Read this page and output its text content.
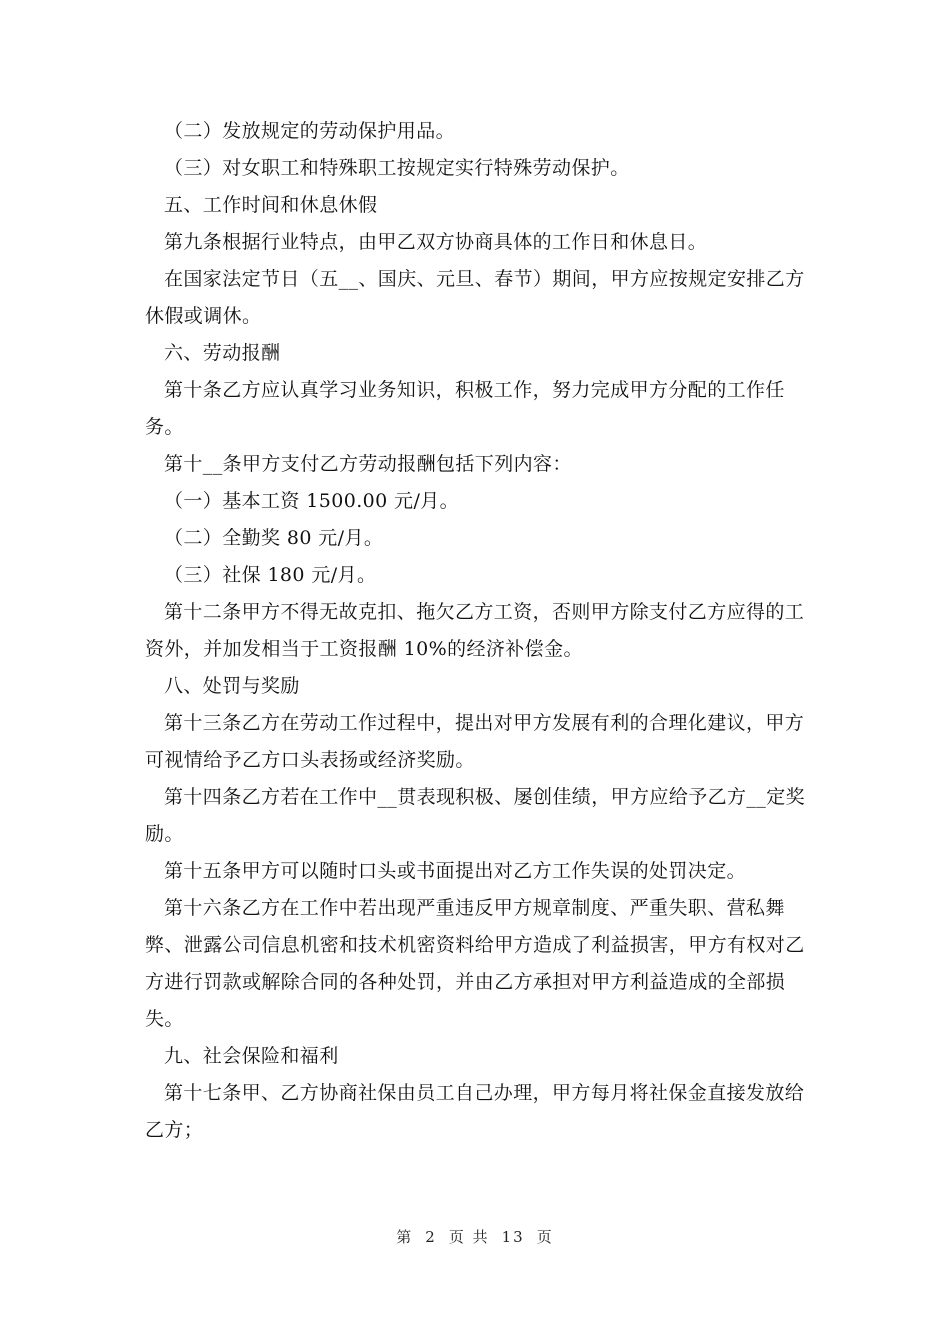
（二）发放规定的劳动保护用品。

（三）对女职工和特殊职工按规定实行特殊劳动保护。

五、工作时间和休息休假

第九条根据行业特点，由甲乙双方协商具体的工作日和休息日。

在国家法定节日（五__、国庆、元旦、春节）期间，甲方应按规定安排乙方休假或调休。

六、劳动报酬

第十条乙方应认真学习业务知识，积极工作，努力完成甲方分配的工作任务。

第十__条甲方支付乙方劳动报酬包括下列内容：

（一）基本工资 1500.00 元/月。

（二）全勤奖 80 元/月。

（三）社保 180 元/月。

第十二条甲方不得无故克扣、拖欠乙方工资，否则甲方除支付乙方应得的工资外，并加发相当于工资报酬 10%的经济补偿金。

八、处罚与奖励

第十三条乙方在劳动工作过程中，提出对甲方发展有利的合理化建议，甲方可视情给予乙方口头表扬或经济奖励。

第十四条乙方若在工作中__贯表现积极、屡创佳绩，甲方应给予乙方__定奖励。

第十五条甲方可以随时口头或书面提出对乙方工作失误的处罚决定。

第十六条乙方在工作中若出现严重违反甲方规章制度、严重失职、营私舞弊、泄露公司信息机密和技术机密资料给甲方造成了利益损害，甲方有权对乙方进行罚款或解除合同的各种处罚，并由乙方承担对甲方利益造成的全部损失。

九、社会保险和福利

第十七条甲、乙方协商社保由员工自己办理，甲方每月将社保金直接发放给乙方；

第 2 页 共 13 页
